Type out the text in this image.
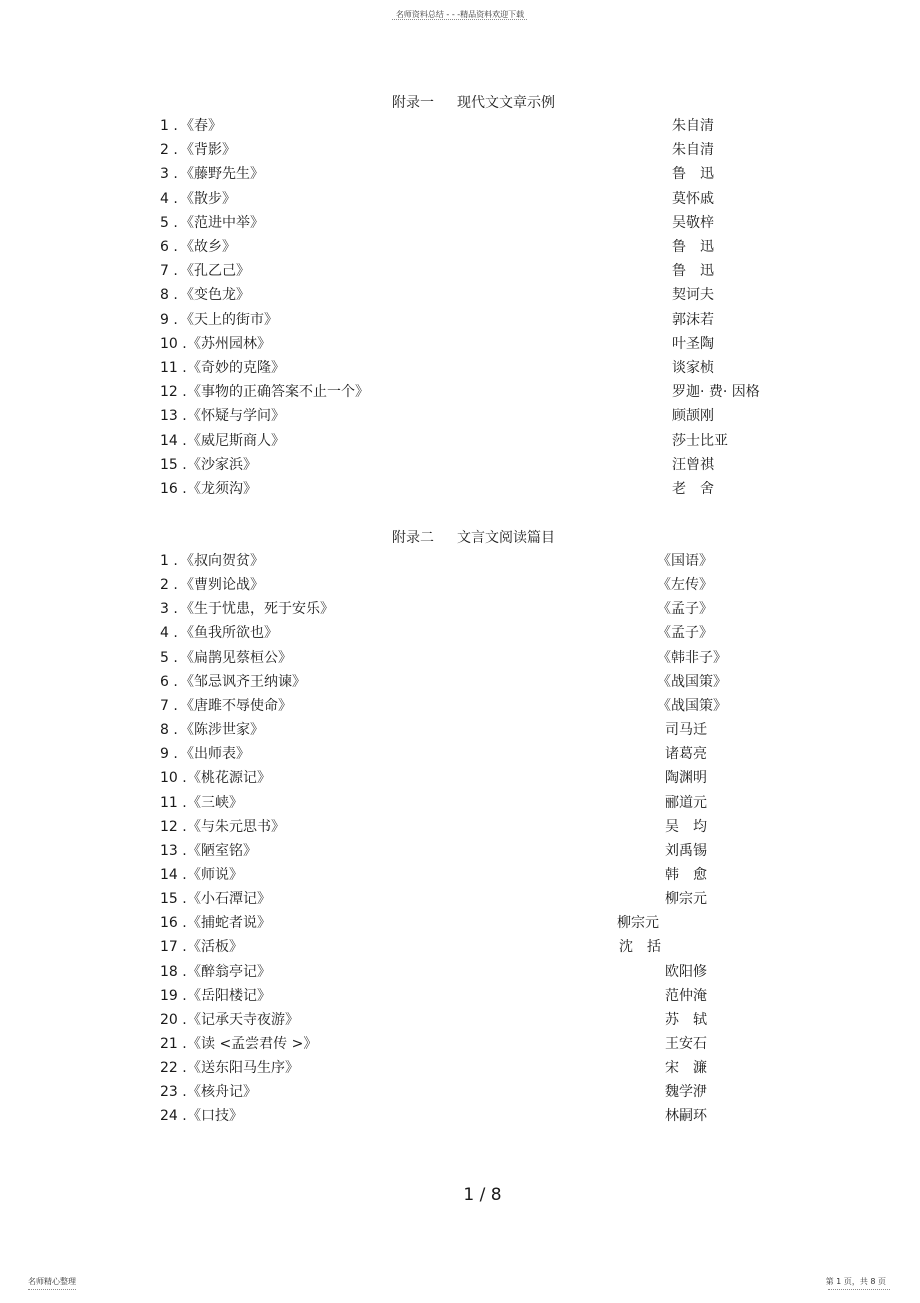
名师资料总结 - - -精品资料欢迎下载
附录一 现代文文章示例
1 . 《春》	朱自清
2 . 《背影》	朱自清
3 . 《藤野先生》	鲁　迅
4 . 《散步》	莫怀戚
5 . 《范进中举》	吴敬梓
6 . 《故乡》	鲁　迅
7 . 《孔乙己》	鲁　迅
8 . 《变色龙》	契诃夫
9 . 《天上的街市》	郭沫若
10 . 《苏州园林》	叶圣陶
11 . 《奇妙的克隆》	谈家桢
12 . 《事物的正确答案不止一个》	罗迦· 费· 因格
13 . 《怀疑与学问》	顾颉刚
14 . 《威尼斯商人》	莎士比亚
15 . 《沙家浜》	汪曾祺
16 . 《龙须沟》	老　舍
附录二 文言文阅读篇目
1 . 《叔向贺贫》	《国语》
2 . 《曹刿论战》	《左传》
3 . 《生于忧患，死于安乐》	《孟子》
4 . 《鱼我所欲也》	《孟子》
5 . 《扁鹊见蔡桓公》	《韩非子》
6 . 《邹忌讽齐王纳谏》	《战国策》
7 . 《唐雎不辱使命》	《战国策》
8 . 《陈涉世家》	司马迁
9 . 《出师表》	诸葛亮
10 . 《桃花源记》	陶渊明
11 . 《三峡》	郦道元
12 . 《与朱元思书》	吴　均
13 . 《陋室铭》	刘禹锡
14 . 《师说》	韩　愈
15 . 《小石潭记》	柳宗元
16 . 《捕蛇者说》	柳宗元
17 . 《活板》	沈　括
18 . 《醉翁亭记》	欧阳修
19 . 《岳阳楼记》	范仲淹
20 . 《记承天寺夜游》	苏　轼
21 . 《读 <孟尝君传 >》	王安石
22 . 《送东阳马生序》	宋　濂
23 . 《核舟记》	魏学洢
24 . 《口技》	林嗣环
1 / 8
名师精心整理	第 1 页，共 8 页
